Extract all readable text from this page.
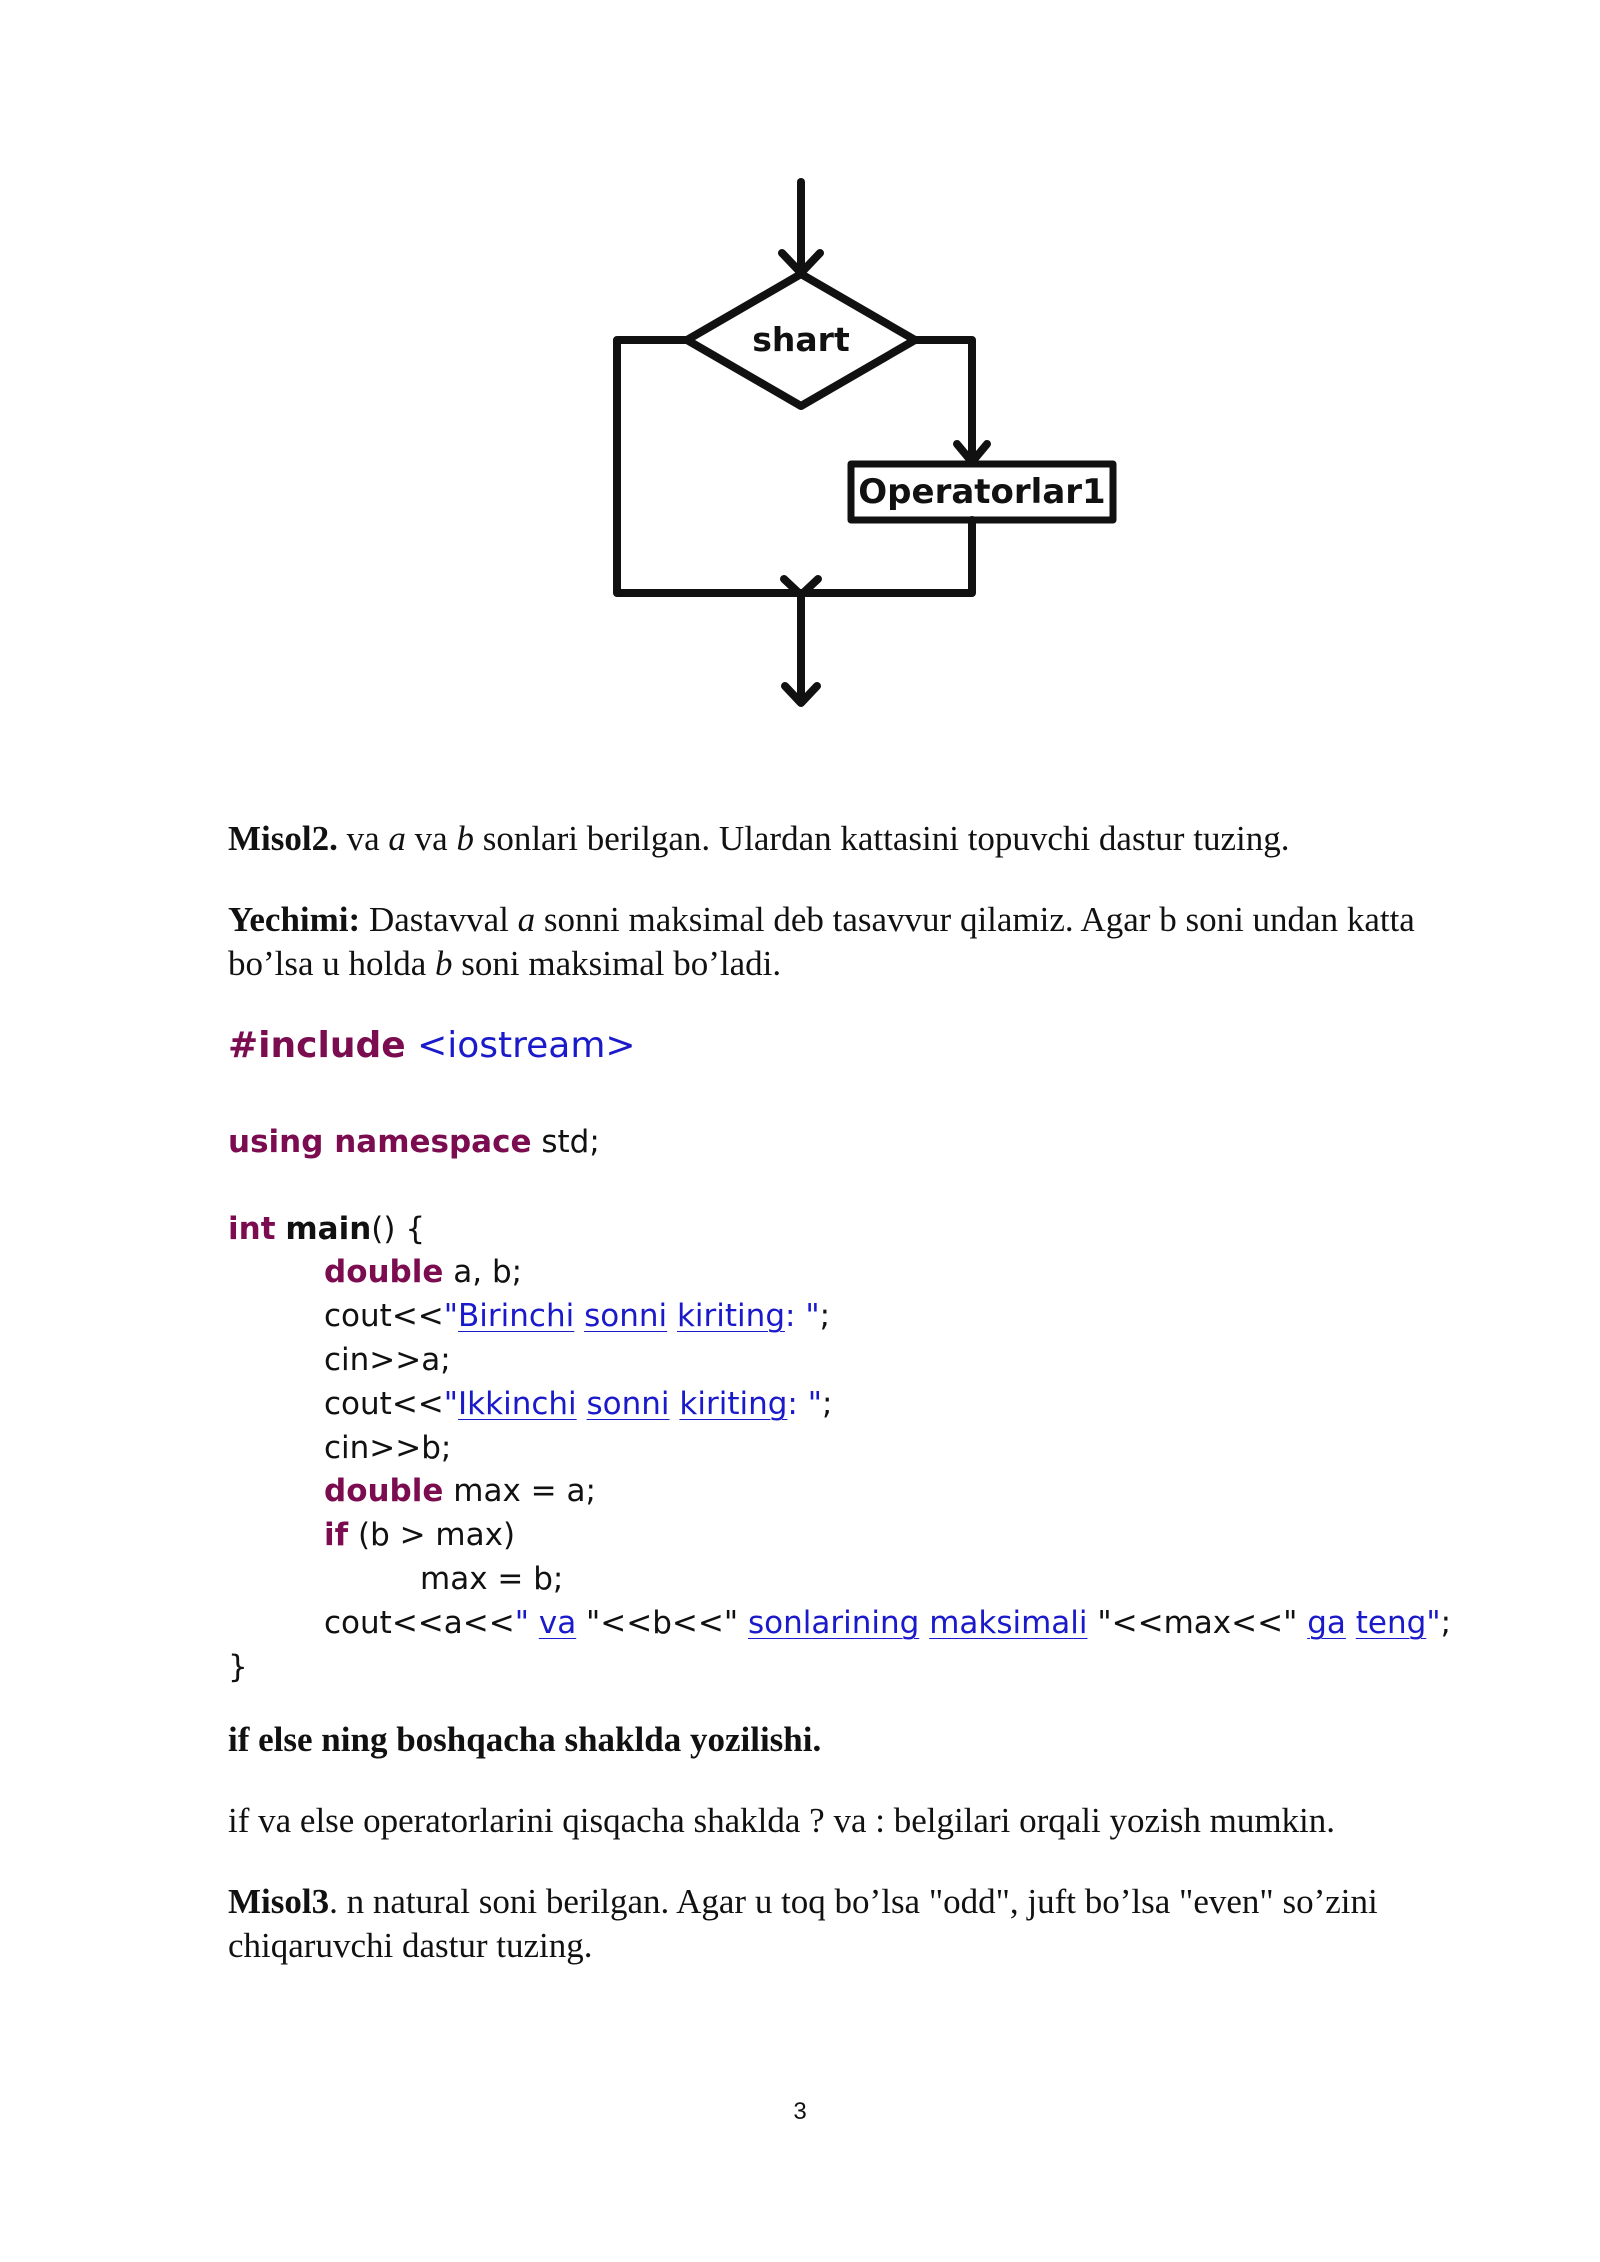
shart
Operatorlar1
Misol2. va a va b sonlari berilgan. Ulardan kattasini topuvchi dastur tuzing.
Yechimi: Dastavval a sonni maksimal deb tasavvur qilamiz. Agar b soni undan katta bo’lsa u holda b soni maksimal bo’ladi.

#include <iostream>

using namespace std;

int main() {

double a, b;

cout<<"Birinchi sonni kiriting: ";

cin>>a;

cout<<"Ikkinchi sonni kiriting: ";

cin>>b;

double max = a;

if (b > max)

max = b;

cout<<a<<" va "<<b<<" sonlarining maksimali "<<max<<" ga teng";

}

if else ning boshqacha shaklda yozilishi.
if va else operatorlarini qisqacha shaklda ? va : belgilari orqali yozish mumkin.
Misol3. n natural soni berilgan. Agar u toq bo’lsa "odd", juft bo’lsa "even" so’zini chiqaruvchi dastur tuzing.
3
